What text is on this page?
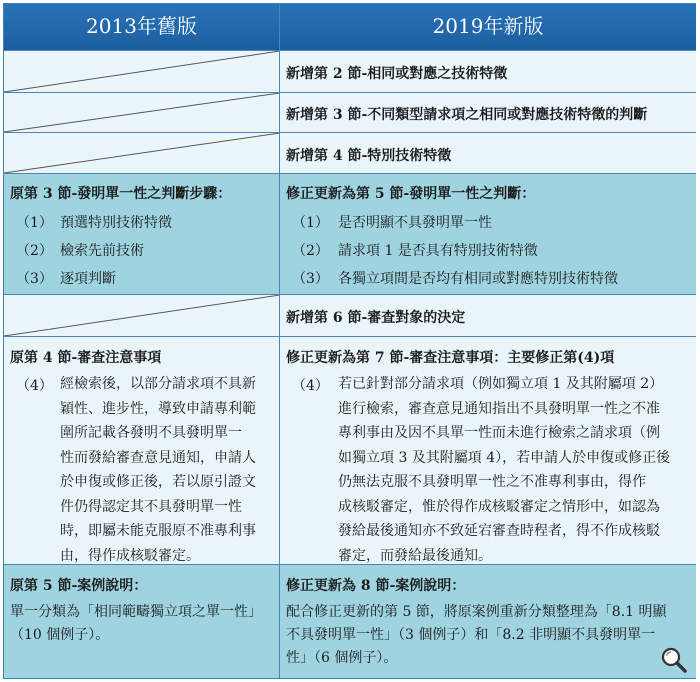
2013年舊版	2019年新版
新增第 2 節-相同或對應之技術特徵
新增第 3 節-不同類型請求項之相同或對應技術特徵的判斷
新增第 4 節-特別技術特徵
原第 3 節-發明單一性之判斷步驟：
（1） 預選特別技術特徵
（2） 檢索先前技術
（3） 逐項判斷
修正更新為第 5 節-發明單一性之判斷：
（1） 是否明顯不具發明單一性
（2） 請求項 1 是否具有特別技術特徵
（3） 各獨立項間是否均有相同或對應特別技術特徵
新增第 6 節-審查對象的決定
原第 4 節-審查注意事項
（4） 經檢索後，以部分請求項不具新
穎性、進步性，導致申請專利範
圍所記載各發明不具發明單一
性而發給審查意見通知，申請人
於申復或修正後，若以原引證文
件仍得認定其不具發明單一性
時，即屬未能克服原不准專利事
由，得作成核駁審定。
修正更新為第 7 節-審查注意事項：主要修正第(4)項
（4） 若已針對部分請求項（例如獨立項 1 及其附屬項 2）
進行檢索，審查意見通知指出不具發明單一性之不准
專利事由及因不具單一性而未進行檢索之請求項（例
如獨立項 3 及其附屬項 4），若申請人於申復或修正後
仍無法克服不具發明單一性之不准專利事由，得作
成核駁審定，惟於得作成核駁審定之情形中，如認為
發給最後通知亦不致延宕審查時程者，得不作成核駁
審定，而發給最後通知。
原第 5 節-案例說明：
單一分類為「相同範疇獨立項之單一性」
（10 個例子）。
修正更新為 8 節-案例說明：
配合修正更新的第 5 節，將原案例重新分類整理為「8.1 明顯
不具發明單一性」（3 個例子）和「8.2 非明顯不具發明單一
性」（6 個例子）。
